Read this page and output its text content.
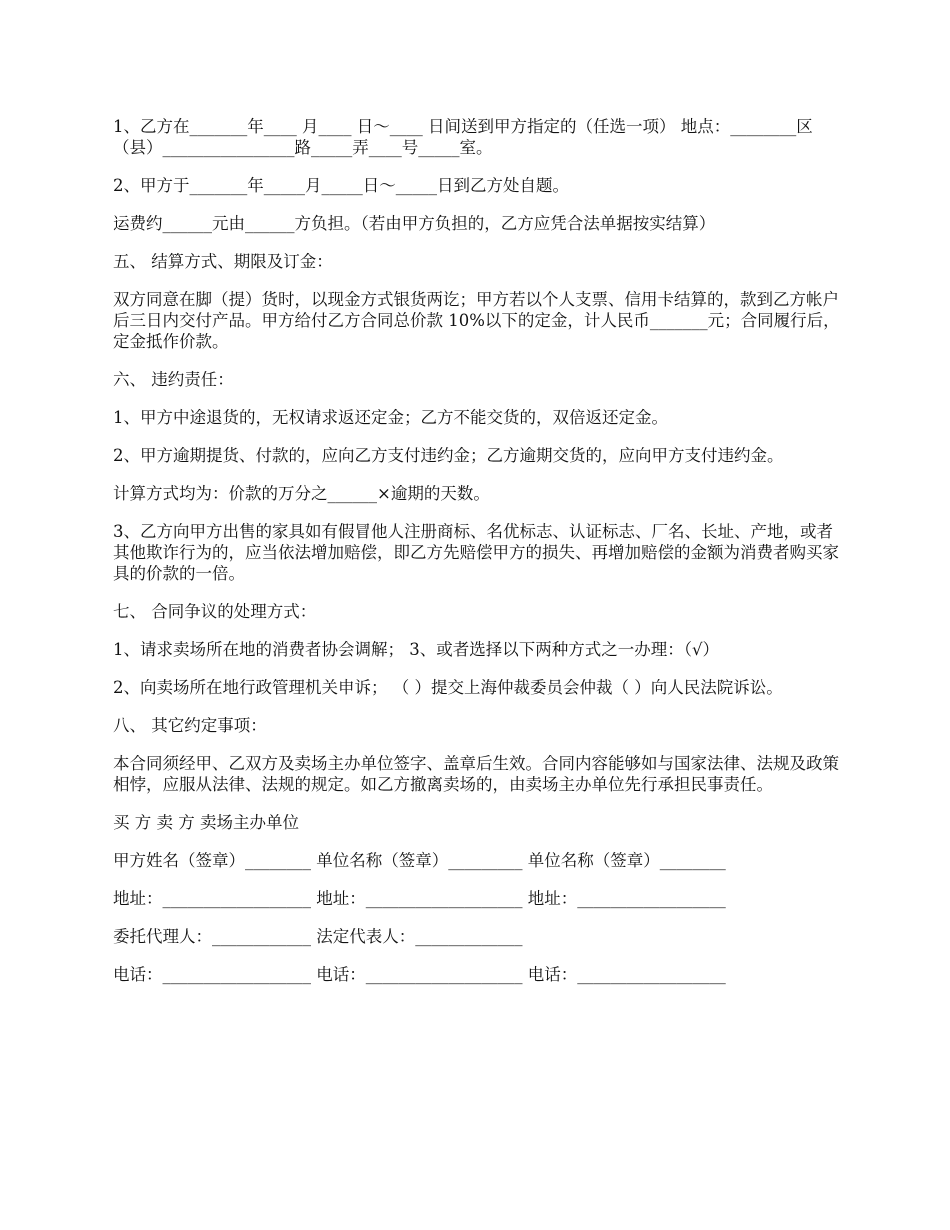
1、乙方在_______年____ 月____ 日～____ 日间送到甲方指定的（任选一项） 地点：________区（县）________________路_____弄____号_____室。

2、甲方于_______年_____月_____日～_____日到乙方处自题。

运费约______元由______方负担。（若由甲方负担的，乙方应凭合法单据按实结算）

五、 结算方式、期限及订金：

双方同意在脚（提）货时，以现金方式银货两讫；甲方若以个人支票、信用卡结算的，款到乙方帐户后三日内交付产品。甲方给付乙方合同总价款 10%以下的定金，计人民币_______元；合同履行后，定金抵作价款。

六、 违约责任：

1、甲方中途退货的，无权请求返还定金；乙方不能交货的，双倍返还定金。

2、甲方逾期提货、付款的，应向乙方支付违约金；乙方逾期交货的，应向甲方支付违约金。

计算方式均为：价款的万分之______×逾期的天数。

3、乙方向甲方出售的家具如有假冒他人注册商标、名优标志、认证标志、厂名、长址、产地，或者其他欺诈行为的，应当依法增加赔偿，即乙方先赔偿甲方的损失、再增加赔偿的金额为消费者购买家具的价款的一倍。

七、 合同争议的处理方式：

1、请求卖场所在地的消费者协会调解； 3、或者选择以下两种方式之一办理：（√）

2、向卖场所在地行政管理机关申诉； （ ）提交上海仲裁委员会仲裁（ ）向人民法院诉讼。

八、 其它约定事项：

本合同须经甲、乙双方及卖场主办单位签字、盖章后生效。合同内容能够如与国家法律、法规及政策相悖，应服从法律、法规的规定。如乙方撤离卖场的，由卖场主办单位先行承担民事责任。

买 方 卖 方 卖场主办单位

甲方姓名（签章）________ 单位名称（签章）_________ 单位名称（签章）________

地址：__________________ 地址：___________________ 地址：__________________

委托代理人：____________ 法定代表人：_____________

电话：__________________ 电话：___________________ 电话：__________________
